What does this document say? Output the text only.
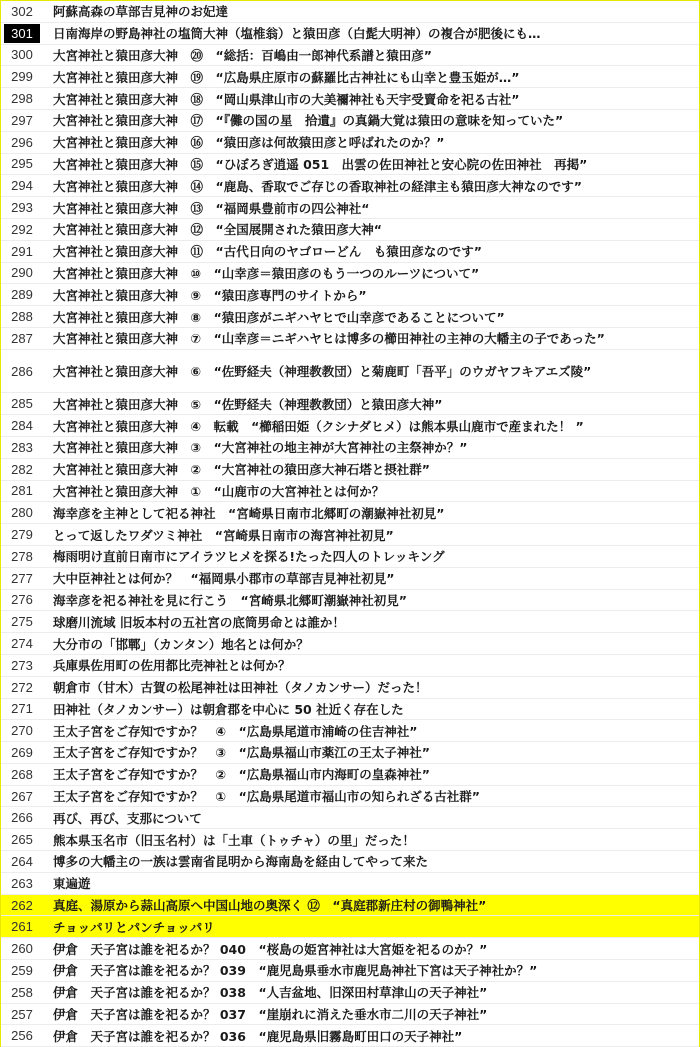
302	阿蘇高森の草部吉見神のお妃達
301	日南海岸の野島神社の塩筒大神（塩椎翁）と猿田彦（白髭大明神）の複合が肥後にも…
300	大宮神社と猿田彦大神　⑳　“総括：百嶋由一郎神代系譜と猿田彦”
299	大宮神社と猿田彦大神　⑲　“広島県庄原市の蘇羅比古神社にも山幸と豊玉姫が…”
298	大宮神社と猿田彦大神　⑱　“岡山県津山市の大美禰神社も天宇受賣命を祀る古社”
297	大宮神社と猿田彦大神　⑰　“『儺の国の星　拾遺』の真鍋大覚は猿田の意味を知っていた”
296	大宮神社と猿田彦大神　⑯　“猿田彦は何故猿田彦と呼ばれたのか？”
295	大宮神社と猿田彦大神　⑮　“ひぼろぎ逍遥 051　出雲の佐田神社と安心院の佐田神社　再掲”
294	大宮神社と猿田彦大神　⑭　“鹿島、香取でご存じの香取神社の経津主も猿田彦大神なのです”
293	大宮神社と猿田彦大神　⑬　“福岡県豊前市の四公神社“
292	大宮神社と猿田彦大神　⑫　“全国展開された猿田彦大神“
291	大宮神社と猿田彦大神　⑪　“古代日向のヤゴローどん　も猿田彦なのです”
290	大宮神社と猿田彦大神　⑩　“山幸彦＝猿田彦のもう一つのルーツについて”
289	大宮神社と猿田彦大神　⑨　“猿田彦専門のサイトから”
288	大宮神社と猿田彦大神　⑧　“猿田彦がニギハヤヒで山幸彦であることについて”
287	大宮神社と猿田彦大神　⑦　“山幸彦＝ニギハヤヒは博多の櫛田神社の主神の大幡主の子であった”
286	大宮神社と猿田彦大神　⑥　“佐野経夫（神理教教団）と菊鹿町「吾平」のウガヤフキアエズ陵”
285	大宮神社と猿田彦大神　⑤　“佐野経夫（神理教教団）と猿田彦大神”
284	大宮神社と猿田彦大神　④　転載　“櫛稲田姫（クシナダヒメ）は熊本県山鹿市で産まれた！ ”
283	大宮神社と猿田彦大神　③　“大宮神社の地主神が大宮神社の主祭神か？”
282	大宮神社と猿田彦大神　②　“大宮神社の猿田彦大神石塔と摂社群”
281	大宮神社と猿田彦大神　①　“山鹿市の大宮神社とは何か？
280	海幸彦を主神として祀る神社　“宮崎県日南市北郷町の潮嶽神社初見”
279	とって返したワダツミ神社　“宮崎県日南市の海宮神社初見”
278	梅雨明け直前日南市にアイラツヒメを探る!たった四人のトレッキング
277	大中臣神社とは何か？　“福岡県小郡市の草部吉見神社初見”
276	海幸彦を祀る神社を見に行こう　“宮崎県北郷町潮嶽神社初見”
275	球磨川流域 旧坂本村の五社宮の底筒男命とは誰か！
274	大分市の「邯鄲」（カンタン）地名とは何か？
273	兵庫県佐用町の佐用都比売神社とは何か？
272	朝倉市（甘木）古賀の松尾神社は田神社（タノカンサー）だった！
271	田神社（タノカンサー）は朝倉郡を中心に 50 社近く存在した
270	王太子宮をご存知ですか？　④　“広島県尾道市浦崎の住吉神社”
269	王太子宮をご存知ですか？　③　“広島県福山市薬江の王太子神社”
268	王太子宮をご存知ですか？　②　“広島県福山市内海町の皇森神社”
267	王太子宮をご存知ですか？　①　“広島県尾道市福山市の知られざる古社群”
266	再び、再び、支那について
265	熊本県玉名市（旧玉名村）は「土車（トゥチャ）の里」だった！
264	博多の大幡主の一族は雲南省昆明から海南島を経由してやって来た
263	東遍遊
262	真庭、湯原から蒜山高原へ中国山地の奥深く ⑫　“真庭郡新庄村の御鴨神社”
261	チョッパリとパンチョッパリ
260	伊倉　天子宮は誰を祀るか？ 040　“桜島の姫宮神社は大宮姫を祀るのか？”
259	伊倉　天子宮は誰を祀るか？ 039　“鹿児島県垂水市鹿児島神社下宮は天子神社か？”
258	伊倉　天子宮は誰を祀るか？ 038　“人吉盆地、旧深田村草津山の天子神社”
257	伊倉　天子宮は誰を祀るか？ 037　“崖崩れに消えた垂水市二川の天子神社”
256	伊倉　天子宮は誰を祀るか？ 036　“鹿児島県旧霧島町田口の天子神社”
